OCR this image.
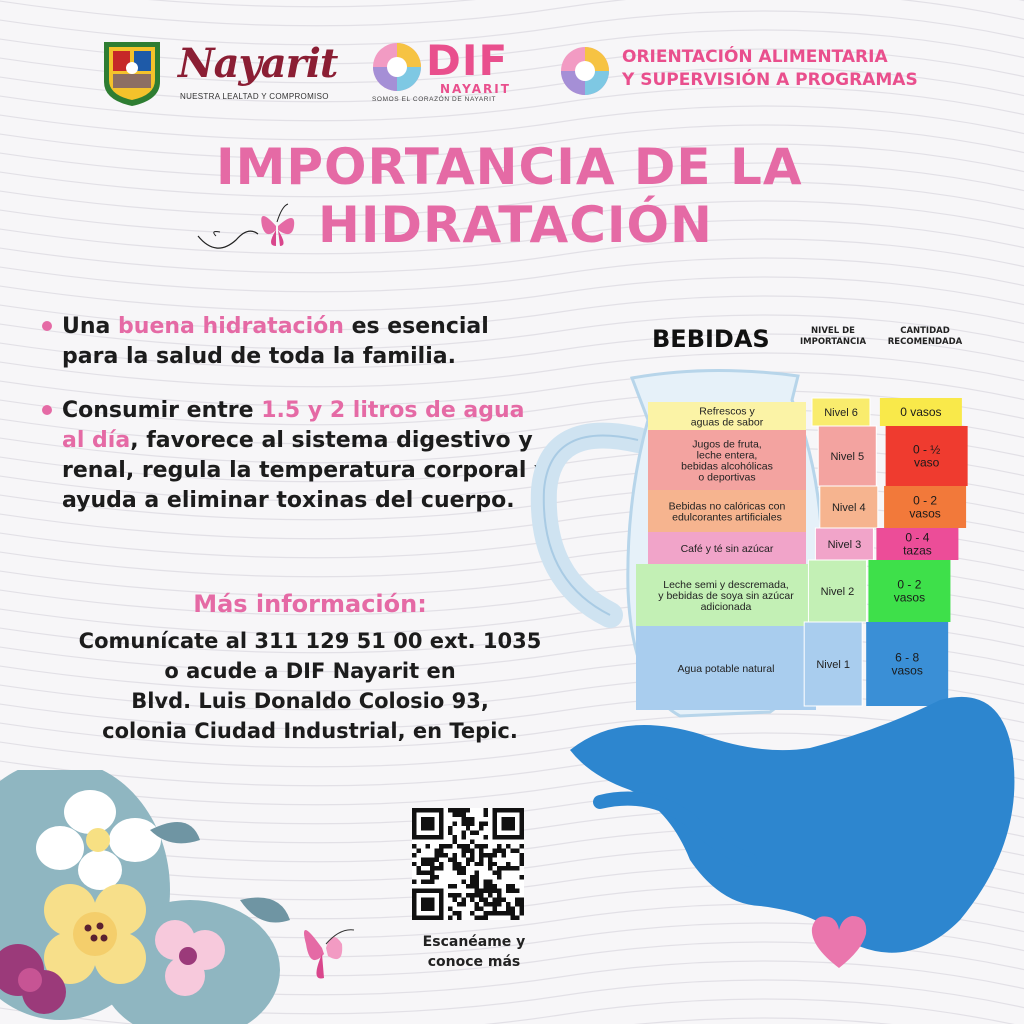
Nayarit
NUESTRA LEALTAD Y COMPROMISO
DIF
NAYARIT
SOMOS EL CORAZÓN DE NAYARIT
ORIENTACIÓN ALIMENTARIA
Y SUPERVISIÓN A PROGRAMAS
IMPORTANCIA DE LA
HIDRATACIÓN
Una buena hidratación es esencial para la salud de toda la familia.
Consumir entre 1.5 y 2 litros de agua al día, favorece al sistema digestivo y renal, regula la temperatura corporal y ayuda a eliminar toxinas del cuerpo.
Más información:
Comunícate al 311 129 51 00 ext. 1035
o acude a DIF Nayarit en
Blvd. Luis Donaldo Colosio 93,
colonia Ciudad Industrial, en Tepic.
BEBIDAS	NIVEL DE
IMPORTANCIA
CANTIDAD
RECOMENDADA
Refrescos y
aguas de sabor
Jugos de fruta,
leche entera,
bebidas alcohólicas
o deportivas
Bebidas no calóricas con
edulcorantes artificiales
Café y té sin azúcar
Leche semi y descremada,
y bebidas de soya sin azúcar
adicionada
Agua potable natural
Nivel 6
Nivel 5
Nivel 4
Nivel 3
Nivel 2
Nivel 1
0 vasos
0 - ½
vaso
0 - 2
vasos
0 - 4
tazas
0 - 2
vasos
6 - 8
vasos
Escanéame y
conoce más
